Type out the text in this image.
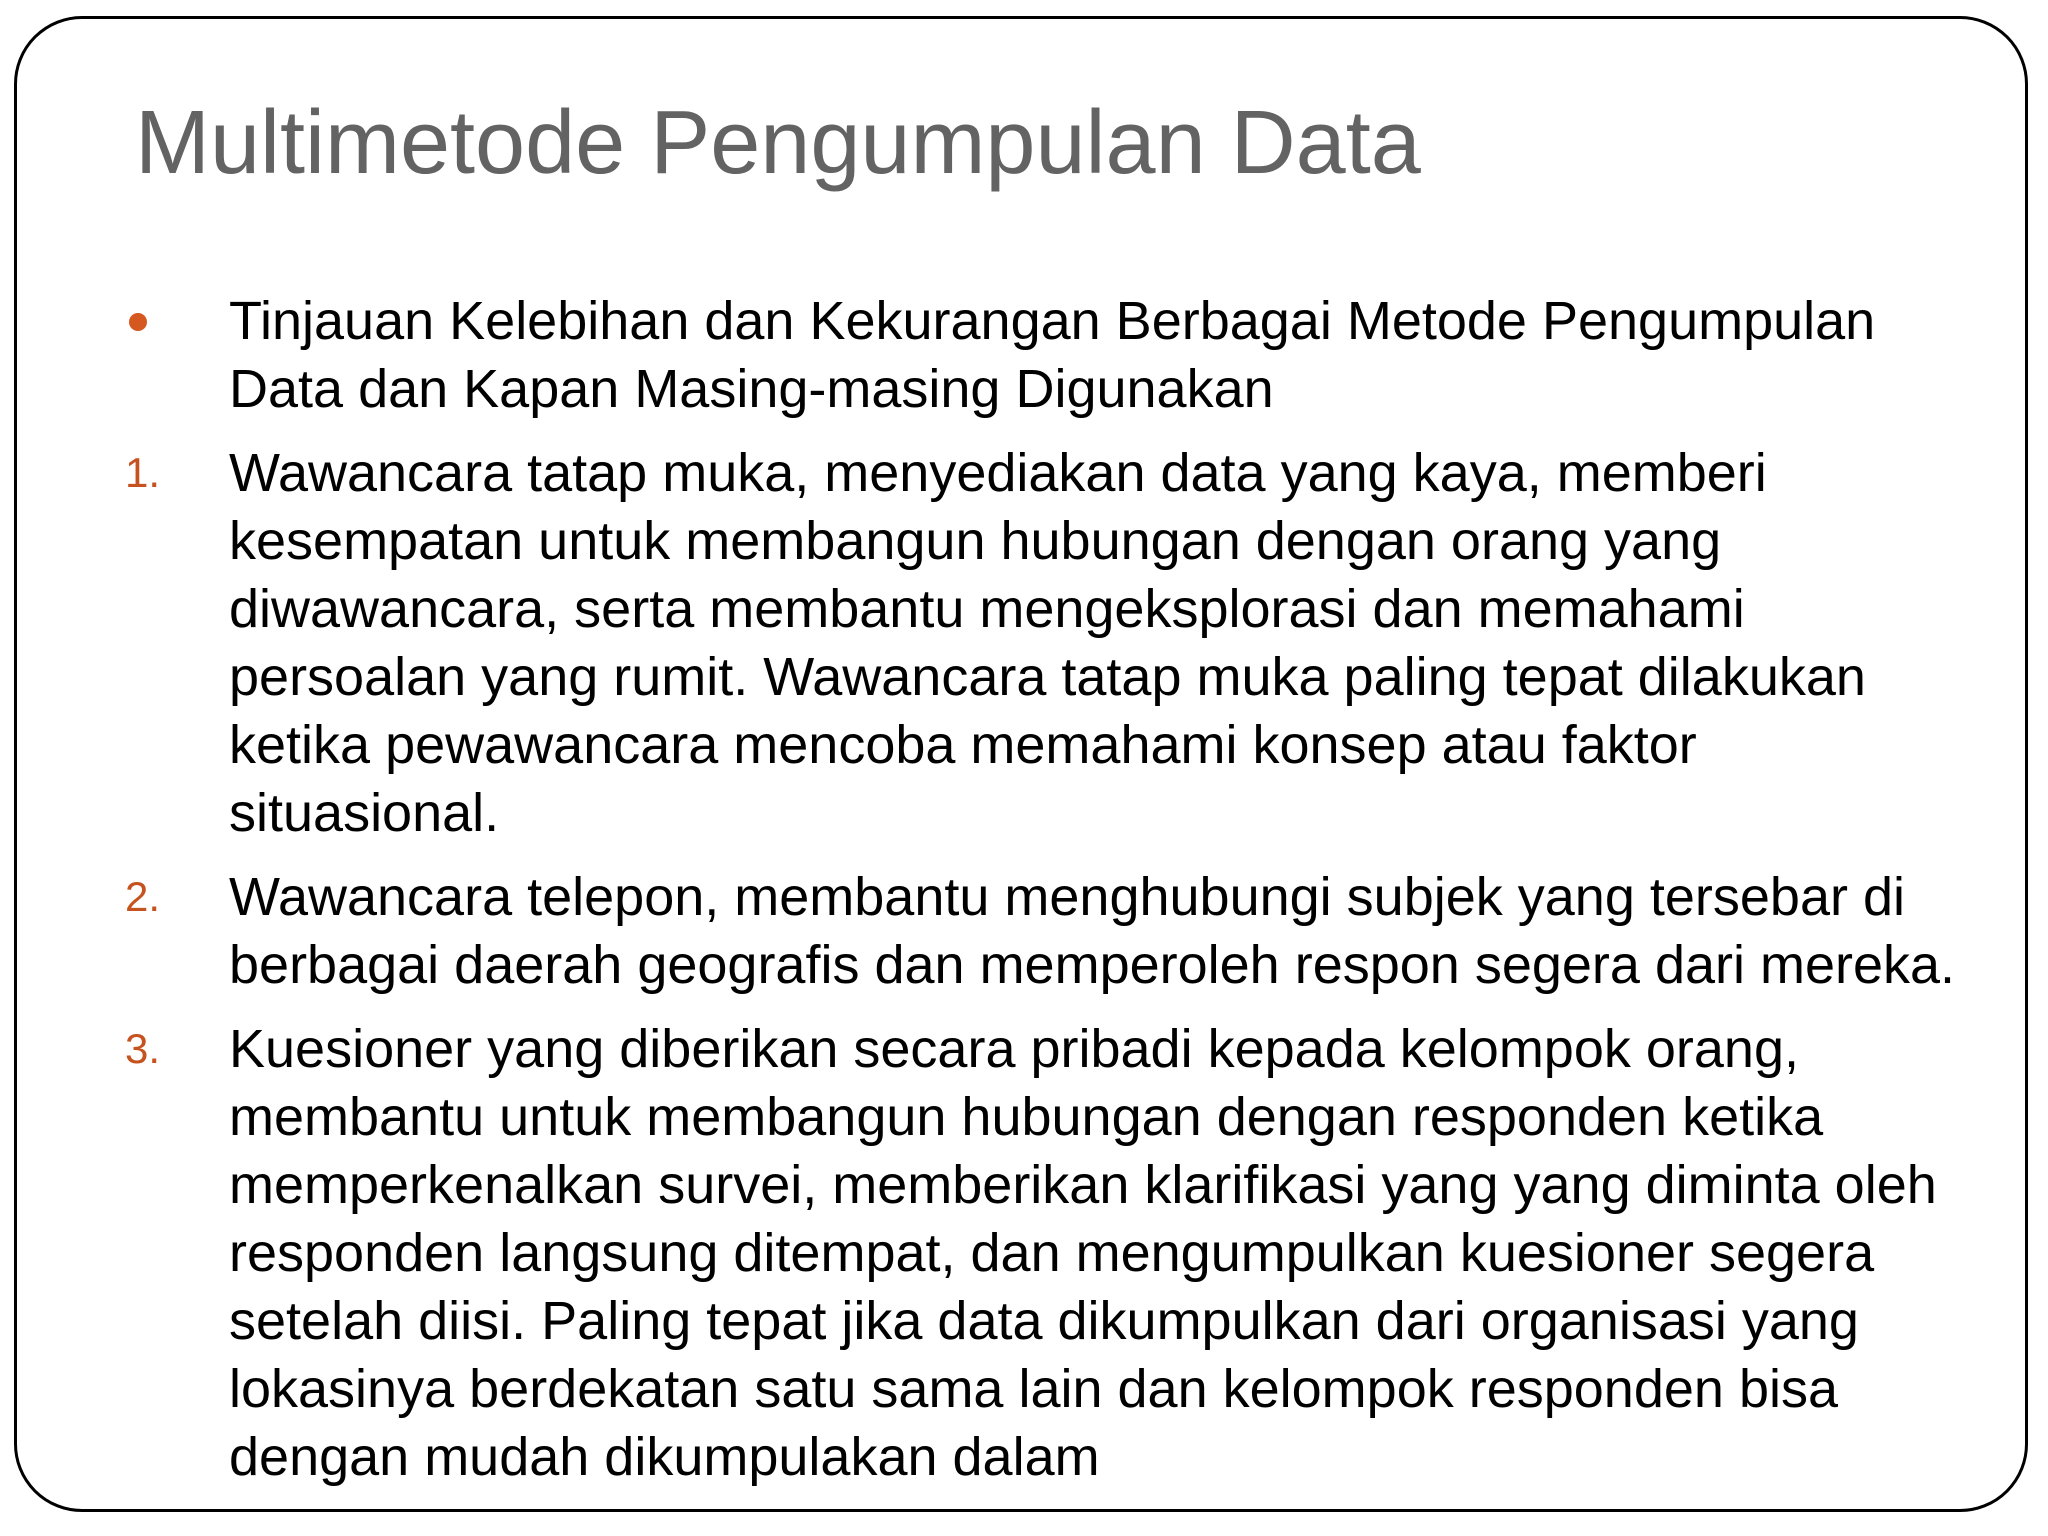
Multimetode Pengumpulan Data
Tinjauan Kelebihan dan Kekurangan Berbagai Metode Pengumpulan Data dan Kapan Masing-masing Digunakan
1. Wawancara tatap muka, menyediakan data yang kaya, memberi kesempatan untuk membangun hubungan dengan orang yang diwawancara, serta membantu mengeksplorasi dan memahami persoalan yang rumit. Wawancara tatap muka paling tepat dilakukan ketika pewawancara mencoba memahami konsep atau faktor situasional.
2. Wawancara telepon, membantu menghubungi subjek yang tersebar di berbagai daerah geografis dan memperoleh respon segera dari mereka.
3. Kuesioner yang diberikan secara pribadi kepada kelompok orang, membantu untuk membangun hubungan dengan responden ketika memperkenalkan survei, memberikan klarifikasi yang yang diminta oleh responden langsung ditempat, dan mengumpulkan kuesioner segera setelah diisi. Paling tepat jika data dikumpulkan dari organisasi yang lokasinya berdekatan satu sama lain dan kelompok responden bisa dengan mudah dikumpulakan dalam
